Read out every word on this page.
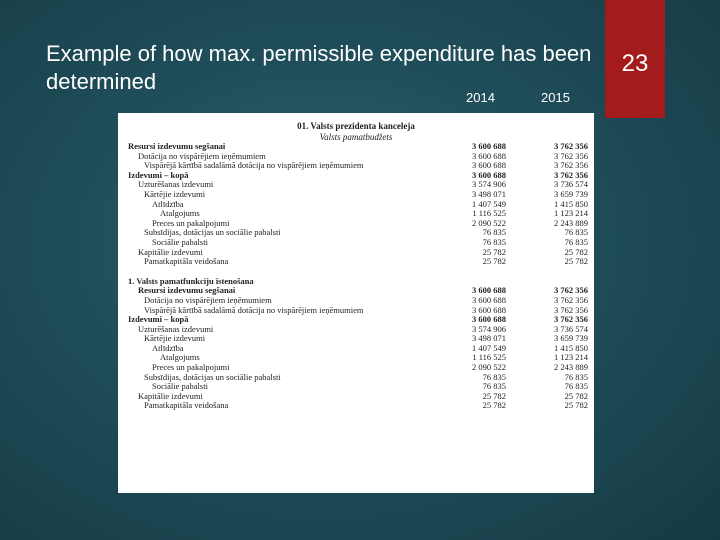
Example of how max. permissible expenditure has been determined
23
2014	2015
01. Valsts prezidenta kanceleja
Valsts pamatbudžets
Resursi izdevumu segšanai	3 600 688	3 762 356
Dotācija no vispārējiem ieņēmumiem	3 600 688	3 762 356
Vispārējā kārtībā sadalāmā dotācija no vispārējiem ieņēmumiem	3 600 688	3 762 356
Izdevumi – kopā	3 600 688	3 762 356
Uzturēšanas izdevumi	3 574 906	3 736 574
Kārtējie izdevumi	3 498 071	3 659 739
Atlīdzība	1 407 549	1 415 850
Atalgojums	1 116 525	1 123 214
Preces un pakalpojumi	2 090 522	2 243 889
Subsīdijas, dotācijas un sociālie pabalsti	76 835	76 835
Sociālie pabalsti	76 835	76 835
Kapitālie izdevumi	25 782	25 782
Pamatkapitāla veidošana	25 782	25 782
1. Valsts pamatfunkciju īstenošana
Resursi izdevumu segšanai	3 600 688	3 762 356
Dotācija no vispārējiem ieņēmumiem	3 600 688	3 762 356
Vispārējā kārtībā sadalāmā dotācija no vispārējiem ieņēmumiem	3 600 688	3 762 356
Izdevumi – kopā	3 600 688	3 762 356
Uzturēšanas izdevumi	3 574 906	3 736 574
Kārtējie izdevumi	3 498 071	3 659 739
Atlīdzība	1 407 549	1 415 850
Atalgojums	1 116 525	1 123 214
Preces un pakalpojumi	2 090 522	2 243 889
Subsīdijas, dotācijas un sociālie pabalsti	76 835	76 835
Sociālie pabalsti	76 835	76 835
Kapitālie izdevumi	25 782	25 782
Pamatkapitāla veidošana	25 782	25 782
